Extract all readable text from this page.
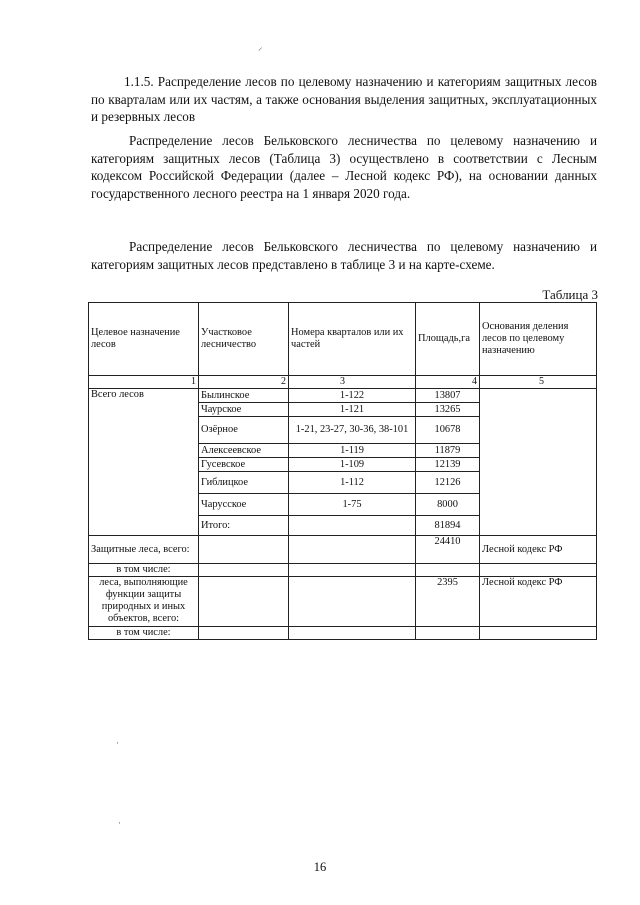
⸝

1.1.5. Распределение лесов по целевому назначению и категориям защитных лесов по кварталам или их частям, а также основания выделения защитных, эксплуатационных и резервных лесов

Распределение лесов Бельковского лесничества по целевому назначению и категориям защитных лесов (Таблица 3) осуществлено в соответствии с Лесным кодексом Российской Федерации (далее – Лесной кодекс РФ), на основании данных государственного лесного реестра на 1 января 2020 года.

Распределение лесов Бельковского лесничества по целевому назначению и категориям защитных лесов представлено в таблице 3 и на карте-схеме.

Таблица 3
Целевое назначение лесов	Участковое лесничество	Номера кварталов или их частей	Площадь,га	Основания деления лесов по целевому назначению
1	2	3	4	5
Всего лесов	Былинское	1-122	13807	
	Чаурское	1-121	13265	
	Озёрное	1-21, 23-27, 30-36, 38-101	10678	
	Алексеевское	1-119	11879	
	Гусевское	1-109	12139	
	Гиблицкое	1-112	12126	
	Чарусское	1-75	8000	
	Итого:		81894	
Защитные леса, всего:			24410	Лесной кодекс РФ
в том числе:				
леса, выполняющие функции защиты природных и иных объектов, всего:			2395	Лесной кодекс РФ
в том числе:				
·
·
16
